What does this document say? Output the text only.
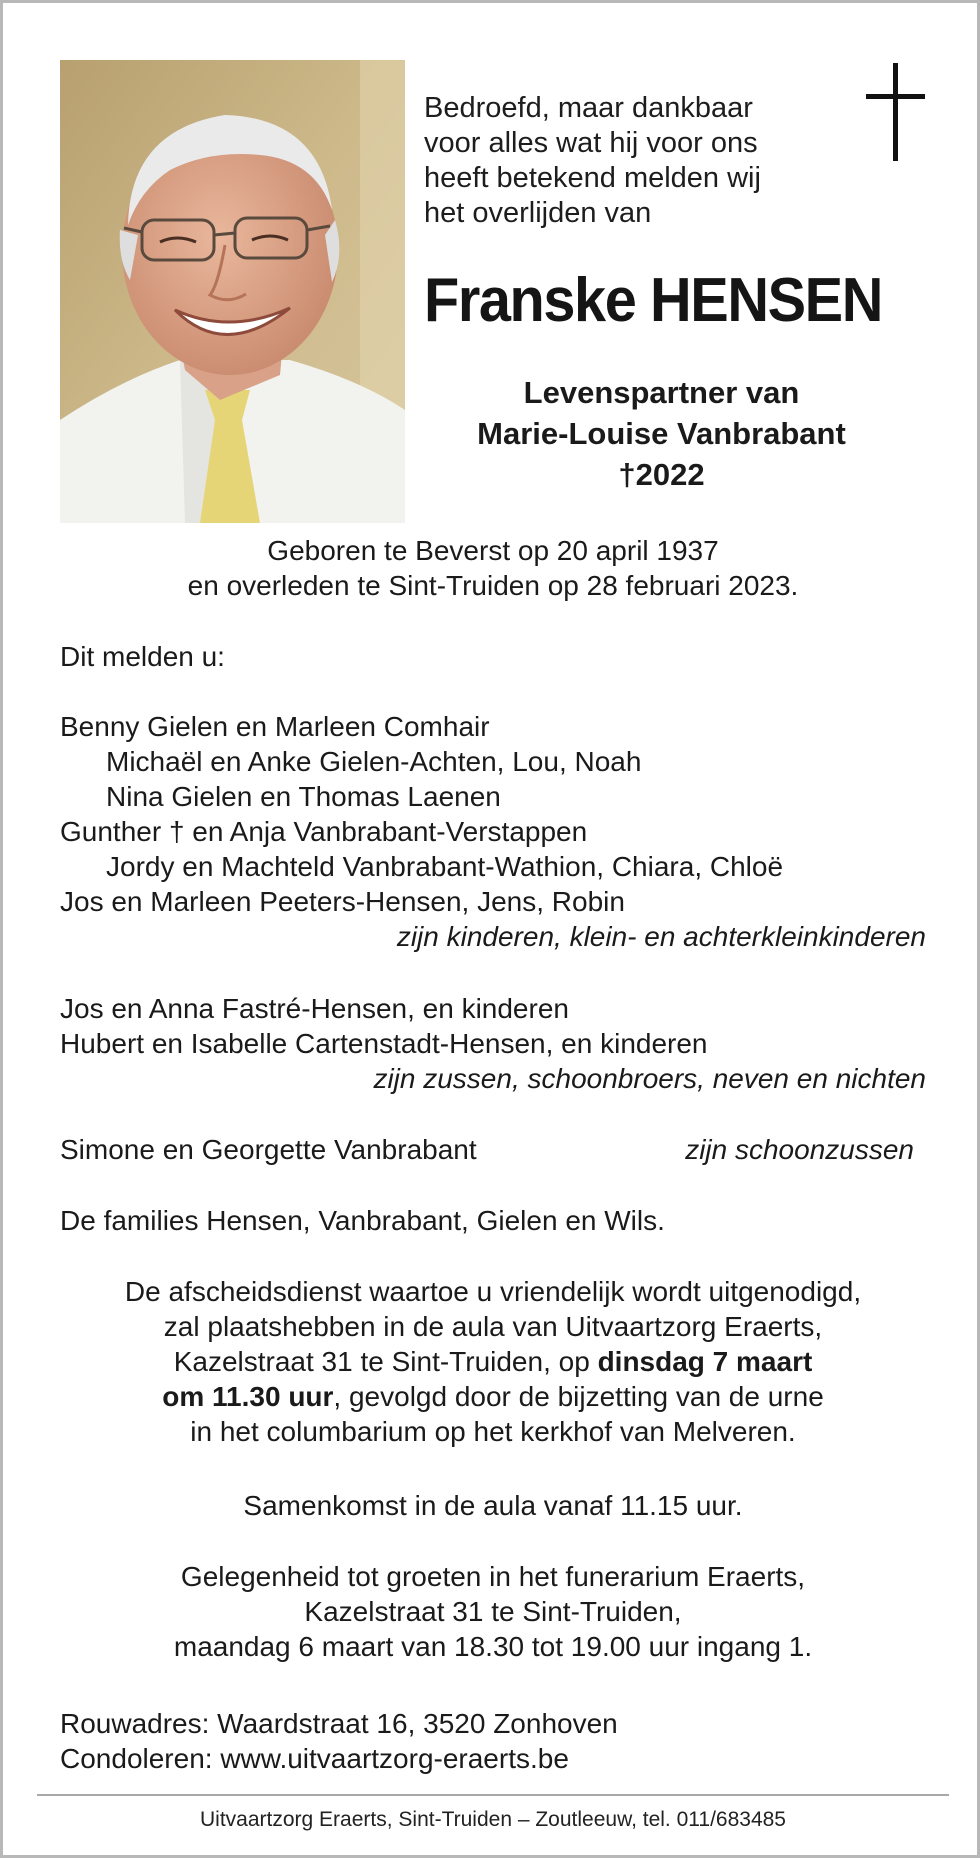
Bedroefd, maar dankbaar
voor alles wat hij voor ons
heeft betekend melden wij
het overlijden van
Franske HENSEN
Levenspartner van
Marie-Louise Vanbrabant
†2022
Geboren te Beverst op 20 april 1937
en overleden te Sint-Truiden op 28 februari 2023.
Dit melden u:
Benny Gielen en Marleen Comhair
Michaël en Anke Gielen-Achten, Lou, Noah
Nina Gielen en Thomas Laenen
Gunther † en Anja Vanbrabant-Verstappen
Jordy en Machteld Vanbrabant-Wathion, Chiara, Chloë
Jos en Marleen Peeters-Hensen, Jens, Robin
zijn kinderen, klein- en achterkleinkinderen
Jos en Anna Fastré-Hensen, en kinderen
Hubert en Isabelle Cartenstadt-Hensen, en kinderen
zijn zussen, schoonbroers, neven en nichten
Simone en Georgette Vanbrabant	zijn schoonzussen
De families Hensen, Vanbrabant, Gielen en Wils.
De afscheidsdienst waartoe u vriendelijk wordt uitgenodigd,
zal plaatshebben in de aula van Uitvaartzorg Eraerts,
Kazelstraat 31 te Sint-Truiden, op dinsdag 7 maart
om 11.30 uur, gevolgd door de bijzetting van de urne
in het columbarium op het kerkhof van Melveren.
Samenkomst in de aula vanaf 11.15 uur.
Gelegenheid tot groeten in het funerarium Eraerts,
Kazelstraat 31 te Sint-Truiden,
maandag 6 maart van 18.30 tot 19.00 uur ingang 1.
Rouwadres: Waardstraat 16, 3520 Zonhoven
Condoleren: www.uitvaartzorg-eraerts.be
Uitvaartzorg Eraerts, Sint-Truiden – Zoutleeuw, tel. 011/683485
